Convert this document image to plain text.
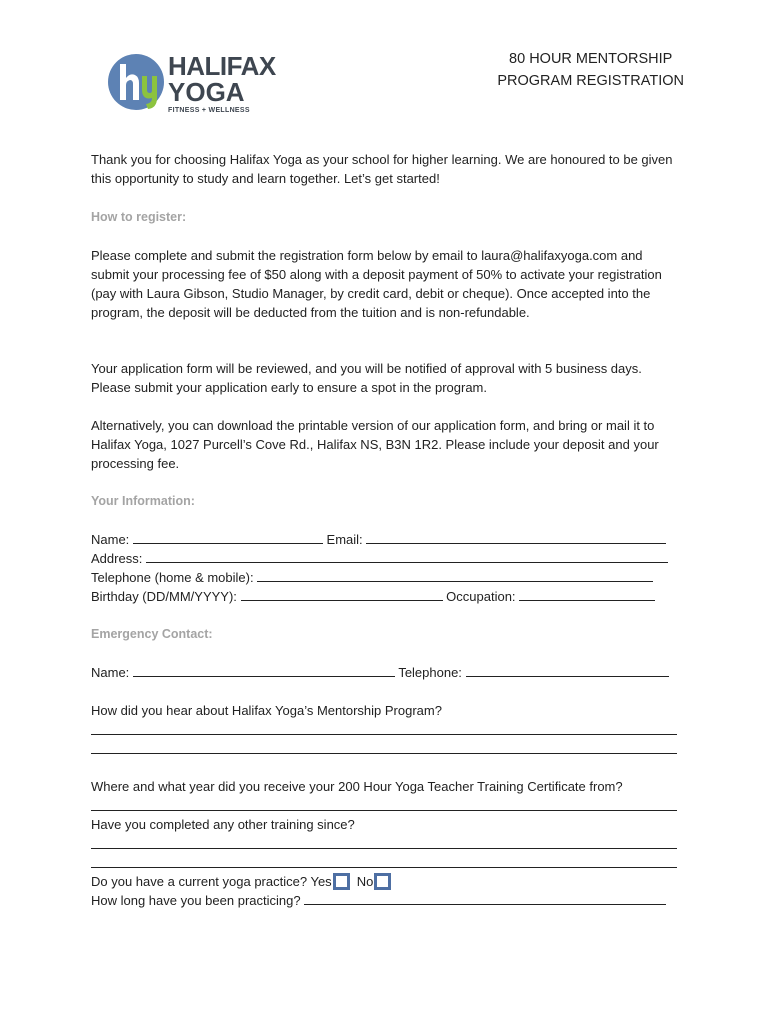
HALIFAX
YOGA
FITNESS + WELLNESS
80 HOUR MENTORSHIP
PROGRAM REGISTRATION
Thank you for choosing Halifax Yoga as your school for higher learning. We are honoured to be given this opportunity to study and learn together. Let’s get started!
How to register:
Please complete and submit the registration form below by email to laura@halifaxyoga.com and submit your processing fee of $50 along with a deposit payment of 50% to activate your registration (pay with Laura Gibson, Studio Manager, by credit card, debit or cheque). Once accepted into the program, the deposit will be deducted from the tuition and is non-refundable.
Your application form will be reviewed, and you will be notified of approval with 5 business days. Please submit your application early to ensure a spot in the program.
Alternatively, you can download the printable version of our application form, and bring or mail it to Halifax Yoga, 1027 Purcell’s Cove Rd., Halifax NS, B3N 1R2. Please include your deposit and your processing fee.
Your Information:
Name:	Email:
Address:
Telephone (home & mobile):
Birthday (DD/MM/YYYY):	Occupation:
Emergency Contact:
Name:	Telephone:
How did you hear about Halifax Yoga’s Mentorship Program?
Where and what year did you receive your 200 Hour Yoga Teacher Training Certificate from?
Have you completed any other training since?
Do you have a current yoga practice? Yes No
How long have you been practicing?
